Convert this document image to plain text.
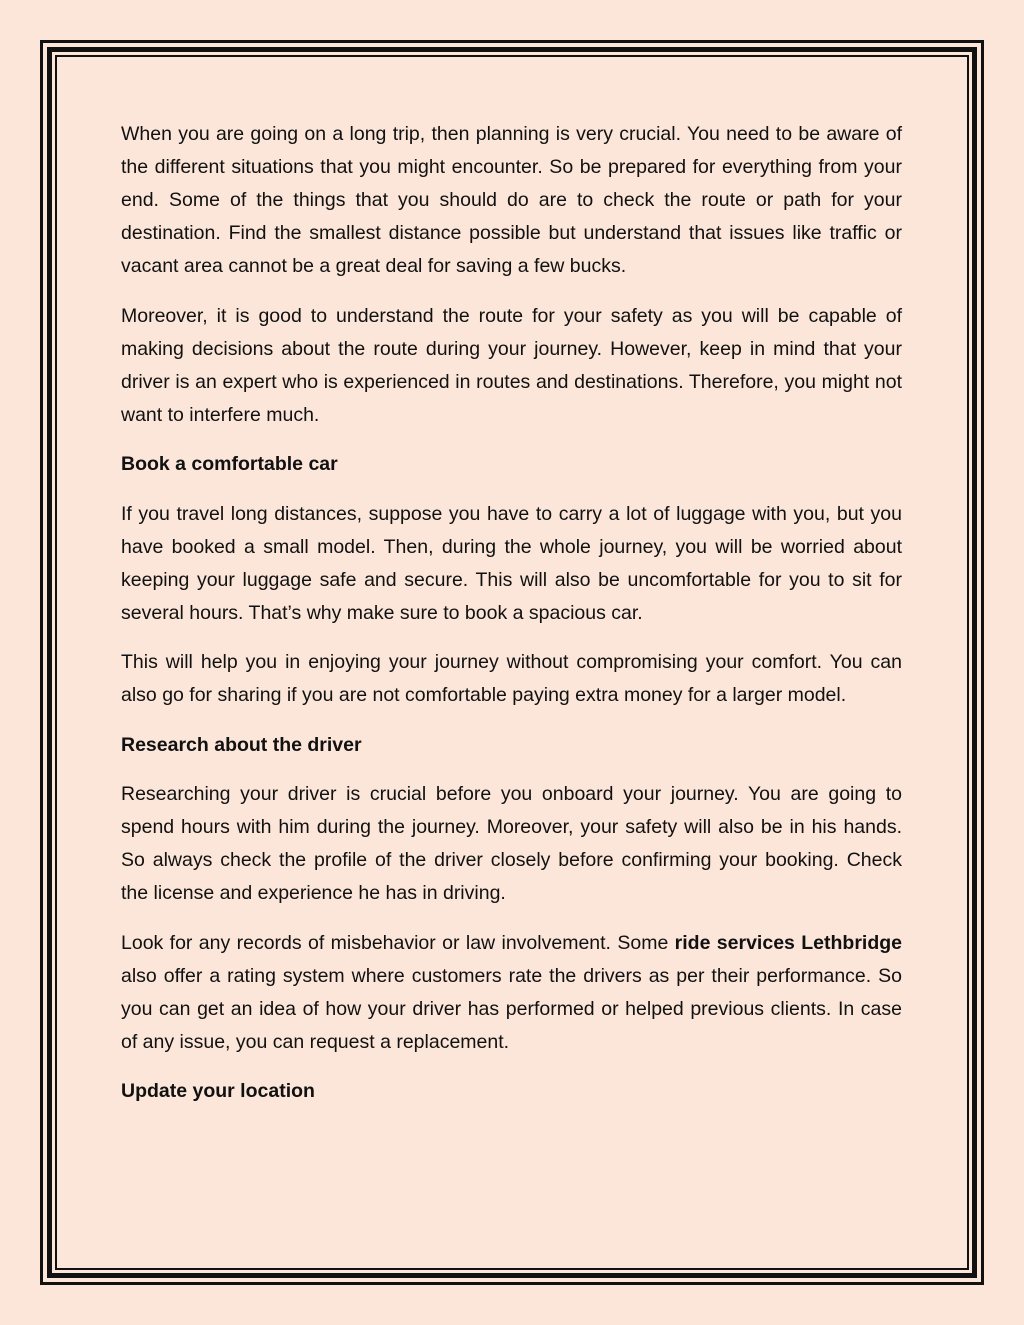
When you are going on a long trip, then planning is very crucial. You need to be aware of the different situations that you might encounter. So be prepared for everything from your end. Some of the things that you should do are to check the route or path for your destination. Find the smallest distance possible but understand that issues like traffic or vacant area cannot be a great deal for saving a few bucks.

Moreover, it is good to understand the route for your safety as you will be capable of making decisions about the route during your journey. However, keep in mind that your driver is an expert who is experienced in routes and destinations. Therefore, you might not want to interfere much.

Book a comfortable car

If you travel long distances, suppose you have to carry a lot of luggage with you, but you have booked a small model. Then, during the whole journey, you will be worried about keeping your luggage safe and secure. This will also be uncomfortable for you to sit for several hours. That’s why make sure to book a spacious car.

This will help you in enjoying your journey without compromising your comfort. You can also go for sharing if you are not comfortable paying extra money for a larger model.

Research about the driver

Researching your driver is crucial before you onboard your journey. You are going to spend hours with him during the journey. Moreover, your safety will also be in his hands. So always check the profile of the driver closely before confirming your booking. Check the license and experience he has in driving.

Look for any records of misbehavior or law involvement. Some ride services Lethbridge also offer a rating system where customers rate the drivers as per their performance. So you can get an idea of how your driver has performed or helped previous clients. In case of any issue, you can request a replacement.

Update your location
